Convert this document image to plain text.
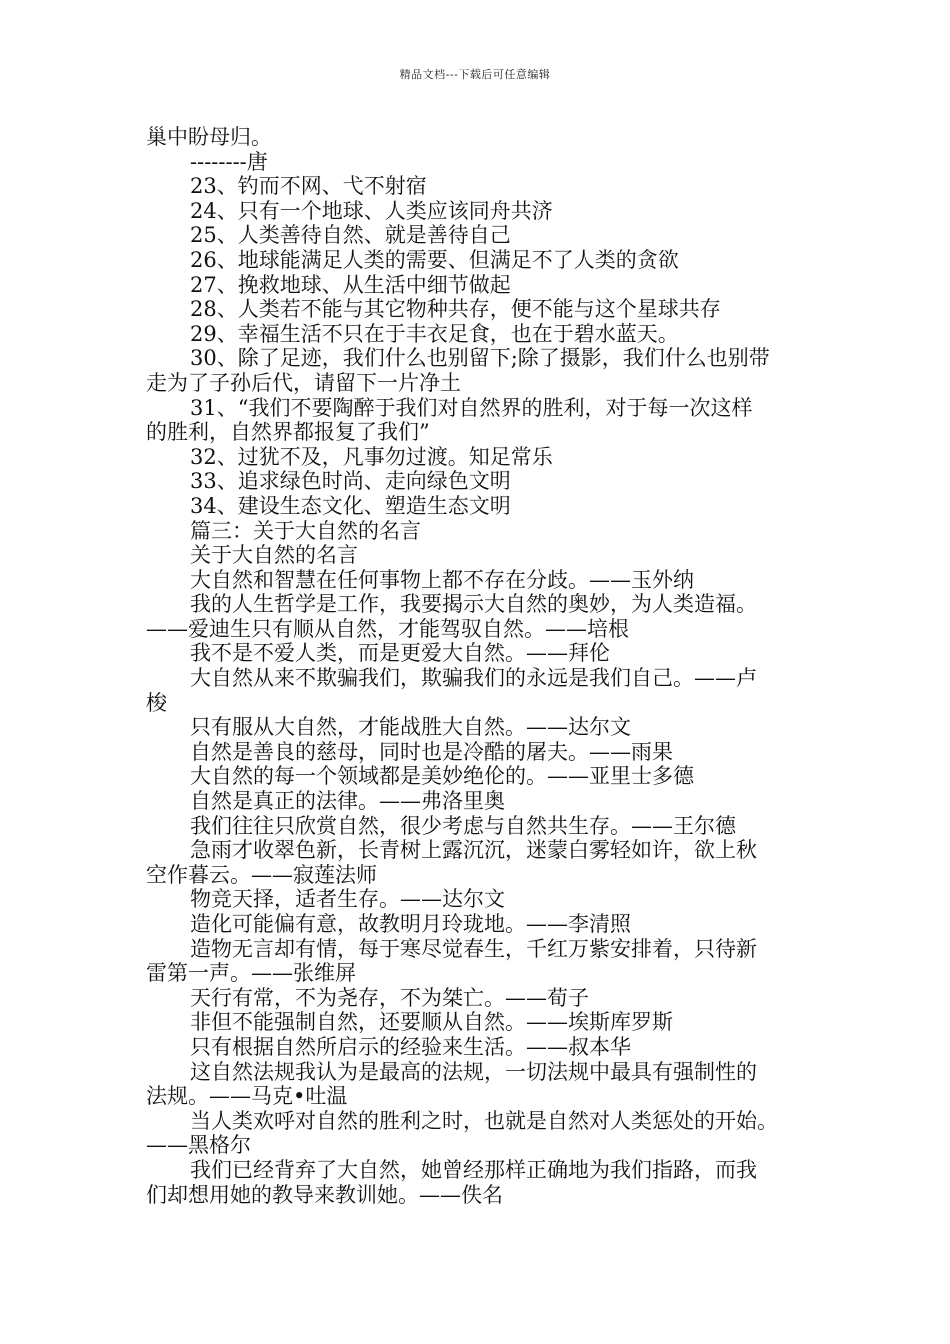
精品文档---下载后可任意编辑

巢中盼母归。

--------唐

23、钓而不网、弋不射宿

24、只有一个地球、人类应该同舟共济

25、人类善待自然、就是善待自己

26、地球能满足人类的需要、但满足不了人类的贪欲

27、挽救地球、从生活中细节做起

28、人类若不能与其它物种共存，便不能与这个星球共存

29、幸福生活不只在于丰衣足食，也在于碧水蓝天。

30、除了足迹，我们什么也别留下;除了摄影，我们什么也别带

走为了子孙后代，请留下一片净土

31、“我们不要陶醉于我们对自然界的胜利，对于每一次这样

的胜利，自然界都报复了我们”

32、过犹不及，凡事勿过渡。知足常乐

33、追求绿色时尚、走向绿色文明

34、建设生态文化、塑造生态文明

篇三：关于大自然的名言

关于大自然的名言

大自然和智慧在任何事物上都不存在分歧。——玉外纳

我的人生哲学是工作，我要揭示大自然的奥妙，为人类造福。

——爱迪生只有顺从自然，才能驾驭自然。——培根

我不是不爱人类，而是更爱大自然。——拜伦

大自然从来不欺骗我们，欺骗我们的永远是我们自己。——卢

梭

只有服从大自然，才能战胜大自然。——达尔文

自然是善良的慈母，同时也是冷酷的屠夫。——雨果

大自然的每一个领域都是美妙绝伦的。——亚里士多德

自然是真正的法律。——弗洛里奥

我们往往只欣赏自然，很少考虑与自然共生存。——王尔德

急雨才收翠色新，长青树上露沉沉，迷蒙白雾轻如许，欲上秋

空作暮云。——寂莲法师

物竞天择，适者生存。——达尔文

造化可能偏有意，故教明月玲珑地。——李清照

造物无言却有情，每于寒尽觉春生，千红万紫安排着，只待新

雷第一声。——张维屏

天行有常，不为尧存，不为桀亡。——荀子

非但不能强制自然，还要顺从自然。——埃斯库罗斯

只有根据自然所启示的经验来生活。——叔本华

这自然法规我认为是最高的法规，一切法规中最具有强制性的

法规。——马克•吐温

当人类欢呼对自然的胜利之时，也就是自然对人类惩处的开始。

——黑格尔

我们已经背弃了大自然，她曾经那样正确地为我们指路，而我

们却想用她的教导来教训她。——佚名
